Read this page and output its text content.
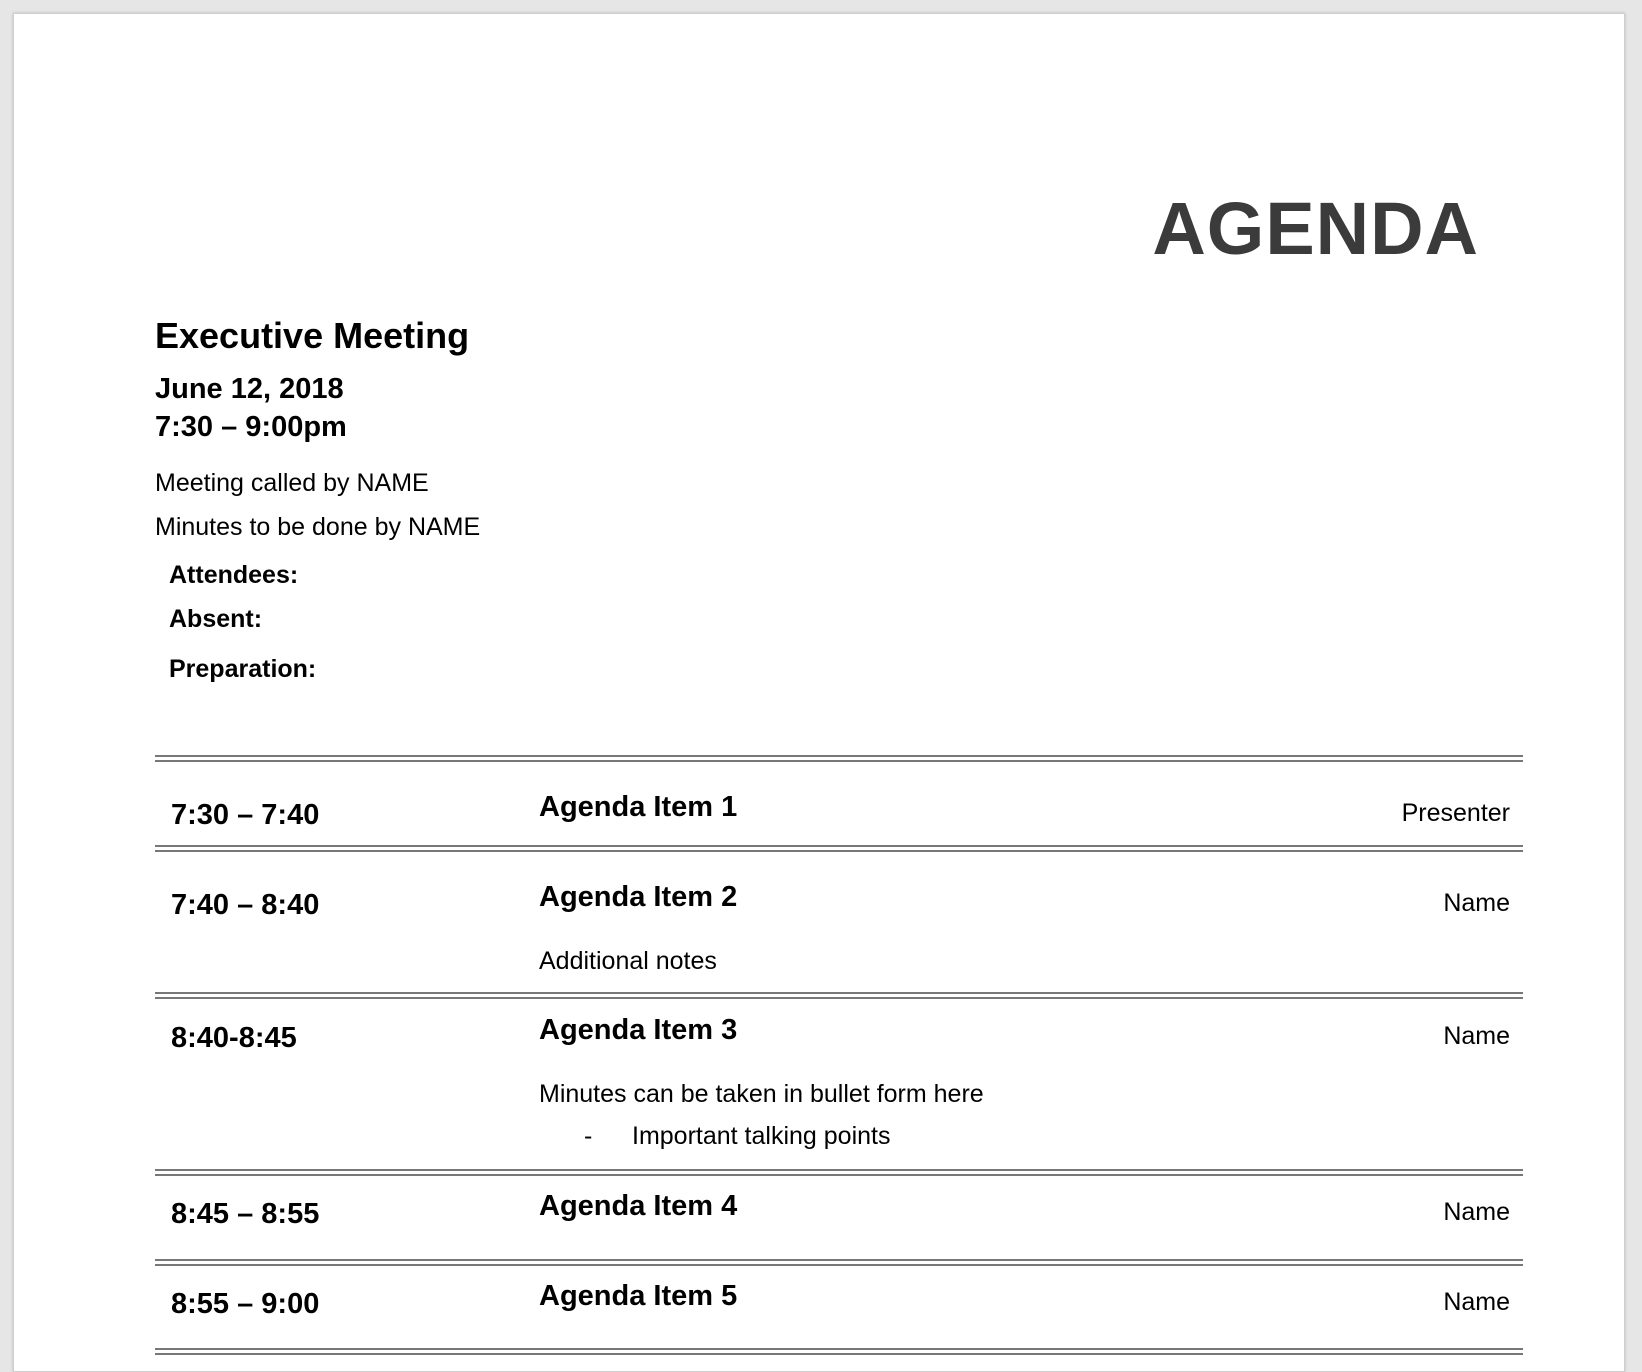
AGENDA
Executive Meeting
June 12, 2018
7:30 – 9:00pm
Meeting called by NAME
Minutes to be done by NAME
Attendees:
Absent:
Preparation:
7:30 – 7:40	Agenda Item 1	Presenter
7:40 – 8:40	Agenda Item 2	Name
Additional notes
8:40-8:45	Agenda Item 3	Name
Minutes can be taken in bullet form here
- Important talking points
8:45 – 8:55	Agenda Item 4	Name
8:55 – 9:00	Agenda Item 5	Name
